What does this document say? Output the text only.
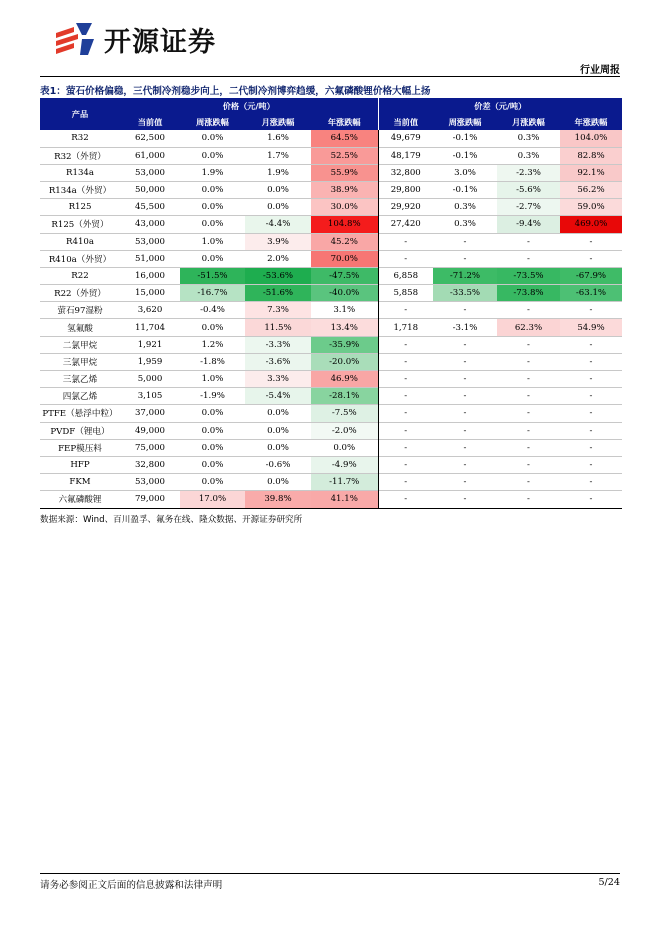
开源证券
行业周报
表1：萤石价格偏稳，三代制冷剂稳步向上，二代制冷剂博弈趋缓，六氟磷酸锂价格大幅上扬
产品	价格（元/吨）				价差（元/吨）			
	当前值	周涨跌幅	月涨跌幅	年涨跌幅	当前值	周涨跌幅	月涨跌幅	年涨跌幅
R32	62,500	0.0%	1.6%	64.5%	49,679	-0.1%	0.3%	104.0%
R32（外贸）	61,000	0.0%	1.7%	52.5%	48,179	-0.1%	0.3%	82.8%
R134a	53,000	1.9%	1.9%	55.9%	32,800	3.0%	-2.3%	92.1%
R134a（外贸）	50,000	0.0%	0.0%	38.9%	29,800	-0.1%	-5.6%	56.2%
R125	45,500	0.0%	0.0%	30.0%	29,920	0.3%	-2.7%	59.0%
R125（外贸）	43,000	0.0%	-4.4%	104.8%	27,420	0.3%	-9.4%	469.0%
R410a	53,000	1.0%	3.9%	45.2%	-	-	-	-
R410a（外贸）	51,000	0.0%	2.0%	70.0%	-	-	-	-
R22	16,000	-51.5%	-53.6%	-47.5%	6,858	-71.2%	-73.5%	-67.9%
R22（外贸）	15,000	-16.7%	-51.6%	-40.0%	5,858	-33.5%	-73.8%	-63.1%
萤石97湿粉	3,620	-0.4%	7.3%	3.1%	-	-	-	-
氢氟酸	11,704	0.0%	11.5%	13.4%	1,718	-3.1%	62.3%	54.9%
二氯甲烷	1,921	1.2%	-3.3%	-35.9%	-	-	-	-
三氯甲烷	1,959	-1.8%	-3.6%	-20.0%	-	-	-	-
三氯乙烯	5,000	1.0%	3.3%	46.9%	-	-	-	-
四氯乙烯	3,105	-1.9%	-5.4%	-28.1%	-	-	-	-
PTFE（悬浮中粒）	37,000	0.0%	0.0%	-7.5%	-	-	-	-
PVDF（锂电）	49,000	0.0%	0.0%	-2.0%	-	-	-	-
FEP模压料	75,000	0.0%	0.0%	0.0%	-	-	-	-
HFP	32,800	0.0%	-0.6%	-4.9%	-	-	-	-
FKM	53,000	0.0%	0.0%	-11.7%	-	-	-	-
六氟磷酸锂	79,000	17.0%	39.8%	41.1%	-	-	-	-
数据来源：Wind、百川盈孚、氟务在线、隆众数据、开源证券研究所
请务必参阅正文后面的信息披露和法律声明	5/24
